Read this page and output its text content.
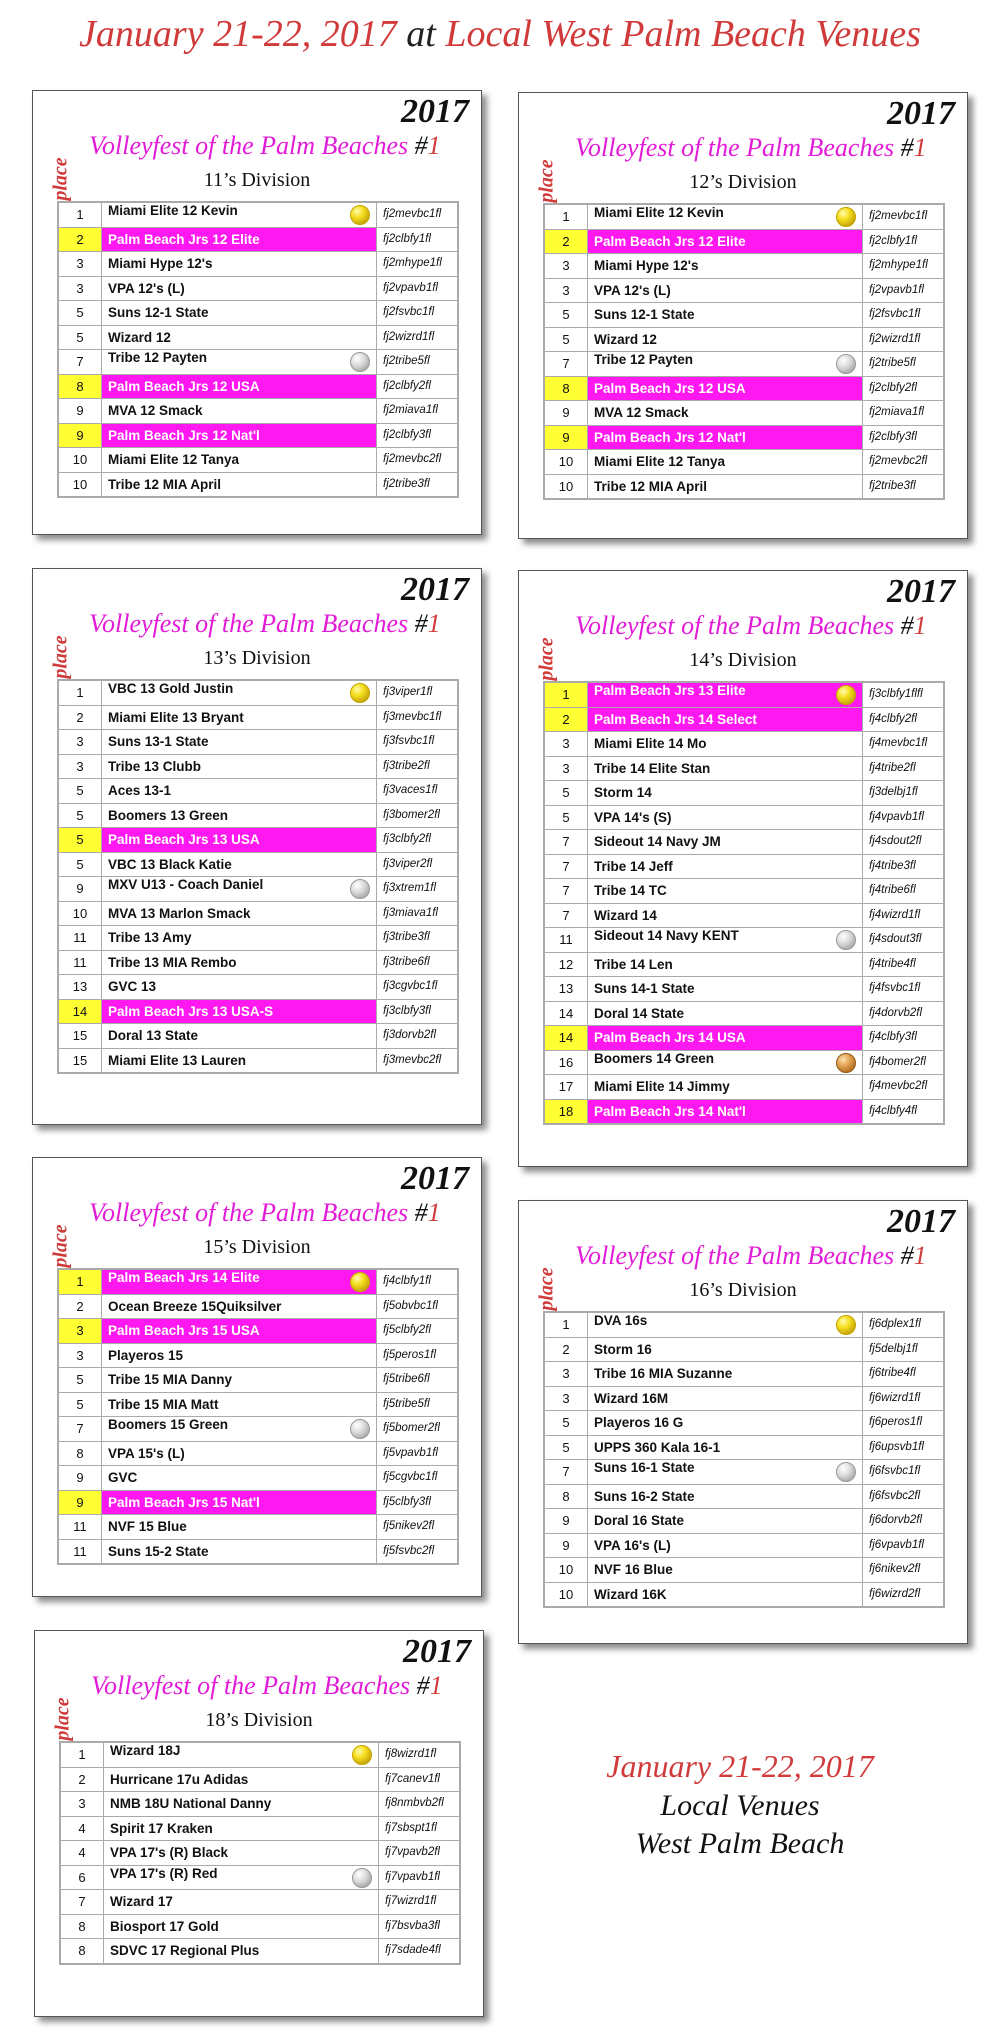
January 21-22, 2017 at Local West Palm Beach Venues
2017
Volleyfest of the Palm Beaches #1
place	11’s Division
1	Miami Elite 12 Kevin	fj2mevbc1fl
2	Palm Beach Jrs 12 Elite	fj2clbfy1fl
3	Miami Hype 12's	fj2mhype1fl
3	VPA 12's (L)	fj2vpavb1fl
5	Suns 12-1 State	fj2fsvbc1fl
5	Wizard 12	fj2wizrd1fl
7	Tribe 12 Payten	fj2tribe5fl
8	Palm Beach Jrs 12 USA	fj2clbfy2fl
9	MVA 12 Smack	fj2miava1fl
9	Palm Beach Jrs 12 Nat'l	fj2clbfy3fl
10	Miami Elite 12 Tanya	fj2mevbc2fl
10	Tribe 12 MIA April	fj2tribe3fl
2017
Volleyfest of the Palm Beaches #1
place	12’s Division
1	Miami Elite 12 Kevin	fj2mevbc1fl
2	Palm Beach Jrs 12 Elite	fj2clbfy1fl
3	Miami Hype 12's	fj2mhype1fl
3	VPA 12's (L)	fj2vpavb1fl
5	Suns 12-1 State	fj2fsvbc1fl
5	Wizard 12	fj2wizrd1fl
7	Tribe 12 Payten	fj2tribe5fl
8	Palm Beach Jrs 12 USA	fj2clbfy2fl
9	MVA 12 Smack	fj2miava1fl
9	Palm Beach Jrs 12 Nat'l	fj2clbfy3fl
10	Miami Elite 12 Tanya	fj2mevbc2fl
10	Tribe 12 MIA April	fj2tribe3fl
2017
Volleyfest of the Palm Beaches #1
place	13’s Division
1	VBC 13 Gold Justin	fj3viper1fl
2	Miami Elite 13 Bryant	fj3mevbc1fl
3	Suns 13-1 State	fj3fsvbc1fl
3	Tribe 13 Clubb	fj3tribe2fl
5	Aces 13-1	fj3vaces1fl
5	Boomers 13 Green	fj3bomer2fl
5	Palm Beach Jrs 13 USA	fj3clbfy2fl
5	VBC 13 Black Katie	fj3viper2fl
9	MXV U13 - Coach Daniel	fj3xtrem1fl
10	MVA 13 Marlon Smack	fj3miava1fl
11	Tribe 13 Amy	fj3tribe3fl
11	Tribe 13 MIA Rembo	fj3tribe6fl
13	GVC 13	fj3cgvbc1fl
14	Palm Beach Jrs 13 USA-S	fj3clbfy3fl
15	Doral 13 State	fj3dorvb2fl
15	Miami Elite 13 Lauren	fj3mevbc2fl
2017
Volleyfest of the Palm Beaches #1
place	14’s Division
1	Palm Beach Jrs 13 Elite	fj3clbfy1flfl
2	Palm Beach Jrs 14 Select	fj4clbfy2fl
3	Miami Elite 14 Mo	fj4mevbc1fl
3	Tribe 14 Elite Stan	fj4tribe2fl
5	Storm 14	fj3delbj1fl
5	VPA 14's (S)	fj4vpavb1fl
7	Sideout 14 Navy JM	fj4sdout2fl
7	Tribe 14 Jeff	fj4tribe3fl
7	Tribe 14 TC	fj4tribe6fl
7	Wizard 14	fj4wizrd1fl
11	Sideout 14 Navy KENT	fj4sdout3fl
12	Tribe 14 Len	fj4tribe4fl
13	Suns 14-1 State	fj4fsvbc1fl
14	Doral 14 State	fj4dorvb2fl
14	Palm Beach Jrs 14 USA	fj4clbfy3fl
16	Boomers 14 Green	fj4bomer2fl
17	Miami Elite 14 Jimmy	fj4mevbc2fl
18	Palm Beach Jrs 14 Nat'l	fj4clbfy4fl
2017
Volleyfest of the Palm Beaches #1
place	15’s Division
1	Palm Beach Jrs 14 Elite	fj4clbfy1fl
2	Ocean Breeze 15Quiksilver	fj5obvbc1fl
3	Palm Beach Jrs 15 USA	fj5clbfy2fl
3	Playeros 15	fj5peros1fl
5	Tribe 15 MIA Danny	fj5tribe6fl
5	Tribe 15 MIA Matt	fj5tribe5fl
7	Boomers 15 Green	fj5bomer2fl
8	VPA 15's (L)	fj5vpavb1fl
9	GVC	fj5cgvbc1fl
9	Palm Beach Jrs 15 Nat'l	fj5clbfy3fl
11	NVF 15 Blue	fj5nikev2fl
11	Suns 15-2 State	fj5fsvbc2fl
2017
Volleyfest of the Palm Beaches #1
place	16’s Division
1	DVA 16s	fj6dplex1fl
2	Storm 16	fj5delbj1fl
3	Tribe 16 MIA Suzanne	fj6tribe4fl
3	Wizard 16M	fj6wizrd1fl
5	Playeros 16 G	fj6peros1fl
5	UPPS 360 Kala 16-1	fj6upsvb1fl
7	Suns 16-1 State	fj6fsvbc1fl
8	Suns 16-2 State	fj6fsvbc2fl
9	Doral 16 State	fj6dorvb2fl
9	VPA 16's (L)	fj6vpavb1fl
10	NVF 16 Blue	fj6nikev2fl
10	Wizard 16K	fj6wizrd2fl
2017
Volleyfest of the Palm Beaches #1
place	18’s Division
1	Wizard 18J	fj8wizrd1fl
2	Hurricane 17u Adidas	fj7canev1fl
3	NMB 18U National Danny	fj8nmbvb2fl
4	Spirit 17 Kraken	fj7sbspt1fl
4	VPA 17's (R) Black	fj7vpavb2fl
6	VPA 17's (R) Red	fj7vpavb1fl
7	Wizard 17	fj7wizrd1fl
8	Biosport 17 Gold	fj7bsvba3fl
8	SDVC 17 Regional Plus	fj7sdade4fl
January 21-22, 2017
Local Venues
West Palm Beach
